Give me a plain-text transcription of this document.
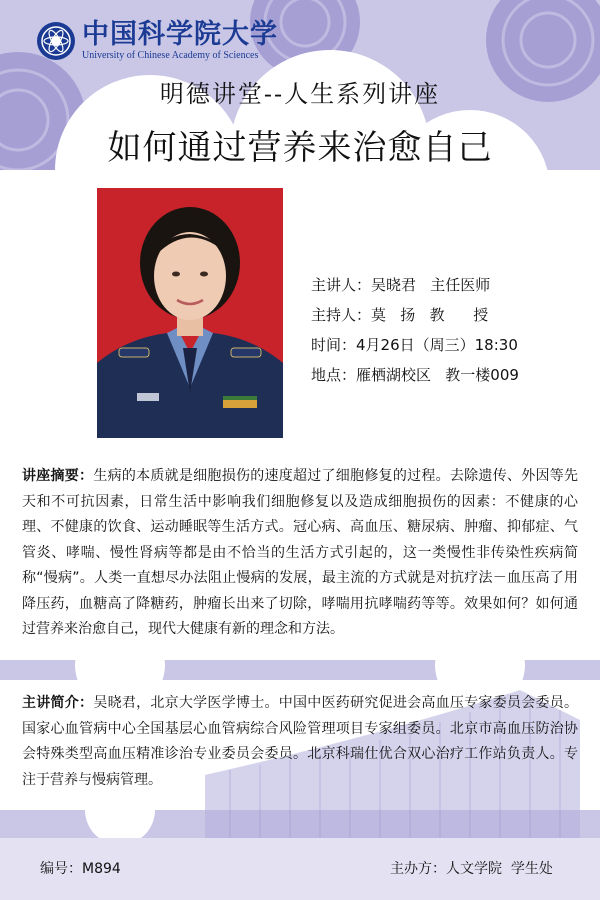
中国科学院大学
University of Chinese Academy of Sciences
明德讲堂--人生系列讲座
如何通过营养来治愈自己
主讲人：吴晓君   主任医师
主持人：莫   扬   教      授
时间：4月26日（周三）18:30
地点：雁栖湖校区   教一楼009
讲座摘要：生病的本质就是细胞损伤的速度超过了细胞修复的过程。去除遗传、外因等先天和不可抗因素，日常生活中影响我们细胞修复以及造成细胞损伤的因素：不健康的心理、不健康的饮食、运动睡眠等生活方式。冠心病、高血压、糖尿病、肿瘤、抑郁症、气管炎、哮喘、慢性肾病等都是由不恰当的生活方式引起的，这一类慢性非传染性疾病简称“慢病”。人类一直想尽办法阻止慢病的发展，最主流的方式就是对抗疗法－血压高了用降压药，血糖高了降糖药，肿瘤长出来了切除，哮喘用抗哮喘药等等。效果如何？如何通过营养来治愈自己，现代大健康有新的理念和方法。
主讲简介：吴晓君，北京大学医学博士。中国中医药研究促进会高血压专家委员会委员。国家心血管病中心全国基层心血管病综合风险管理项目专家组委员。北京市高血压防治协会特殊类型高血压精准诊治专业委员会委员。北京科瑞仕优合双心治疗工作站负责人。专注于营养与慢病管理。
编号：M894	主办方：人文学院  学生处
